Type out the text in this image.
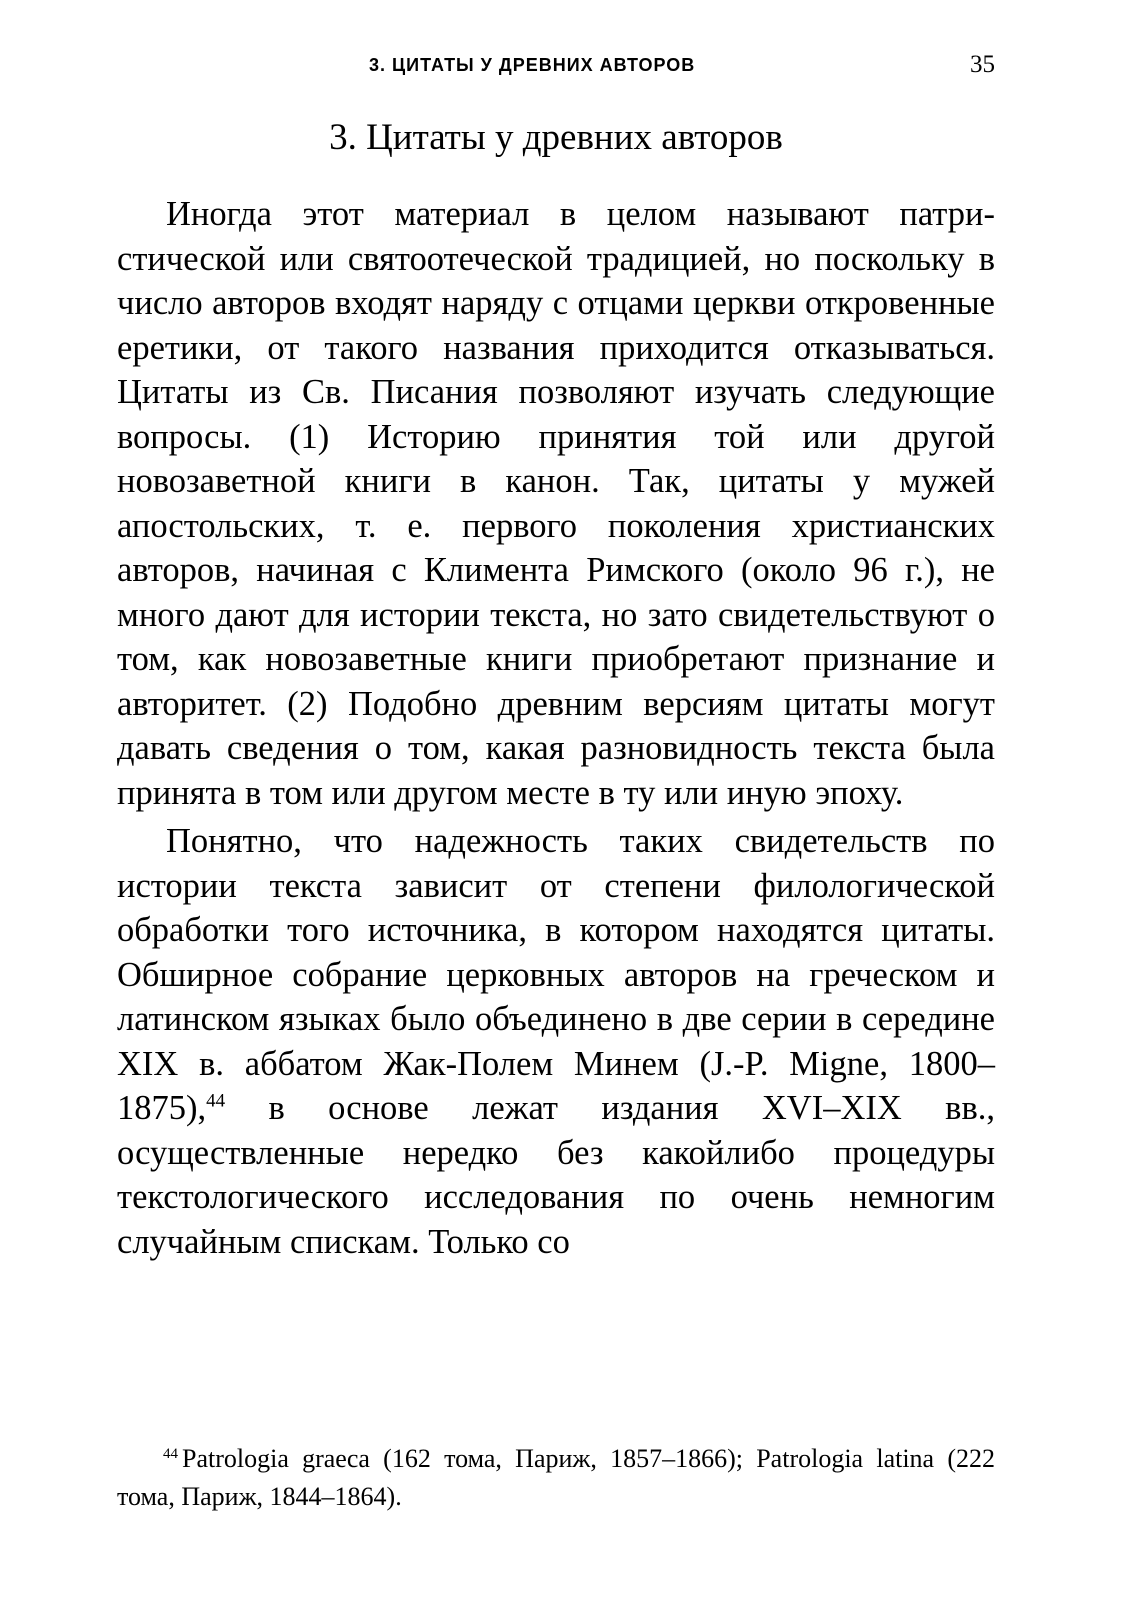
3. ЦИТАТЫ У ДРЕВНИХ АВТОРОВ	35
3. Цитаты у древних авторов

Иногда этот материал в целом называют патристической или святоотеческой традицией, но поскольку в число авторов входят наряду с отцами церкви откровенные еретики, от такого названия приходится отказываться. Цитаты из Св. Писания позволяют изучать следующие вопросы. (1) Историю принятия той или другой новозаветной книги в канон. Так, цитаты у мужей апостольских, т. е. первого поколения христианских авторов, начиная с Климента Римского (около 96 г.), не много дают для истории текста, но зато свидетельствуют о том, как новозаветные книги приобретают признание и авторитет. (2) Подобно древним версиям цитаты могут давать сведения о том, какая разновидность текста была принята в том или другом месте в ту или иную эпоху.

Понятно, что надежность таких свидетельств по истории текста зависит от степени филологической обработки того источника, в котором находятся цитаты. Обширное собрание церковных авторов на греческом и латинском языках было объединено в две серии в середине XIX в. аббатом Жак-Полем Минем (J.-P. Migne, 1800–1875),$^{44}$ в основе лежат издания XVI–XIX вв., осуществленные нередко без какойлибо процедуры текстологического исследования по очень немногим случайным спискам. Только со

$^{44}$ Patrologia graeca (162 тома, Париж, 1857–1866); Patrologia latina (222 тома, Париж, 1844–1864).
